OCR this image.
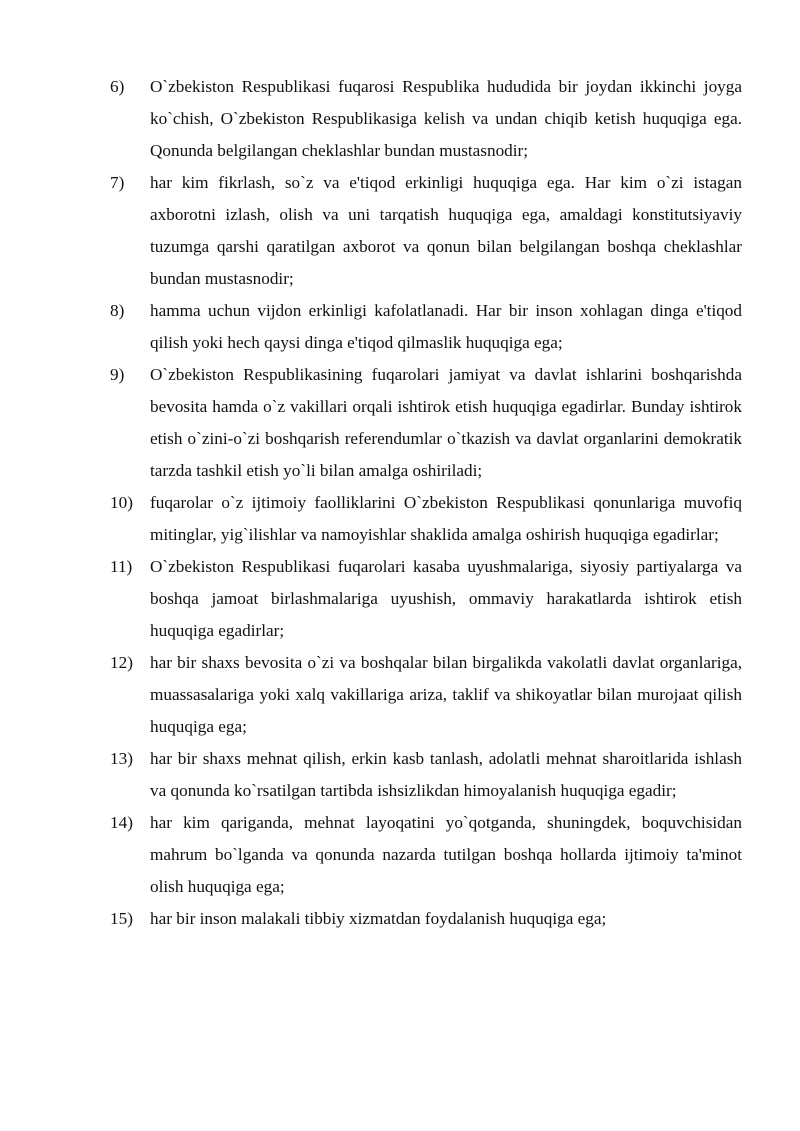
6)	O`zbekiston Respublikasi fuqarosi Respublika hududida bir joydan ikkinchi joyga ko`chish, O`zbekiston Respublikasiga kelish va undan chiqib ketish huquqiga ega. Qonunda belgilangan cheklashlar bundan mustasnodir;
7)	har kim fikrlash, so`z va e'tiqod erkinligi huquqiga ega. Har kim o`zi istagan axborotni izlash, olish va uni tarqatish huquqiga ega, amaldagi konstitutsiyaviy tuzumga qarshi qaratilgan axborot va qonun bilan belgilangan boshqa cheklashlar bundan mustasnodir;
8)	hamma uchun vijdon erkinligi kafolatlanadi. Har bir inson xohlagan dinga e'tiqod qilish yoki hech qaysi dinga e'tiqod qilmaslik huquqiga ega;
9)	O`zbekiston Respublikasining fuqarolari jamiyat va davlat ishlarini boshqarishda bevosita hamda o`z vakillari orqali ishtirok etish huquqiga egadirlar. Bunday ishtirok etish o`zini-o`zi boshqarish referendumlar o`tkazish va davlat organlarini demokratik tarzda tashkil etish yo`li bilan amalga oshiriladi;
10) fuqarolar o`z ijtimoiy faolliklarini O`zbekiston Respublikasi qonunlariga muvofiq mitinglar, yig`ilishlar va namoyishlar shaklida amalga oshirish huquqiga egadirlar;
11)	O`zbekiston Respublikasi fuqarolari kasaba uyushmalariga, siyosiy partiyalarga va boshqa jamoat birlashmalariga uyushish, ommaviy harakatlarda ishtirok etish huquqiga egadirlar;
12) har bir shaxs bevosita o`zi va boshqalar bilan birgalikda vakolatli davlat organlariga, muassasalariga yoki xalq vakillariga ariza, taklif va shikoyatlar bilan murojaat qilish huquqiga ega;
13) har bir shaxs mehnat qilish, erkin kasb tanlash, adolatli mehnat sharoitlarida ishlash va qonunda ko`rsatilgan tartibda ishsizlikdan himoyalanish huquqiga egadir;
14) har kim qariganda, mehnat layoqatini yo`qotganda, shuningdek, boquvchisidan mahrum bo`lganda va qonunda nazarda tutilgan boshqa hollarda ijtimoiy ta'minot olish huquqiga ega;
15) har bir inson malakali tibbiy xizmatdan foydalanish huquqiga ega;
